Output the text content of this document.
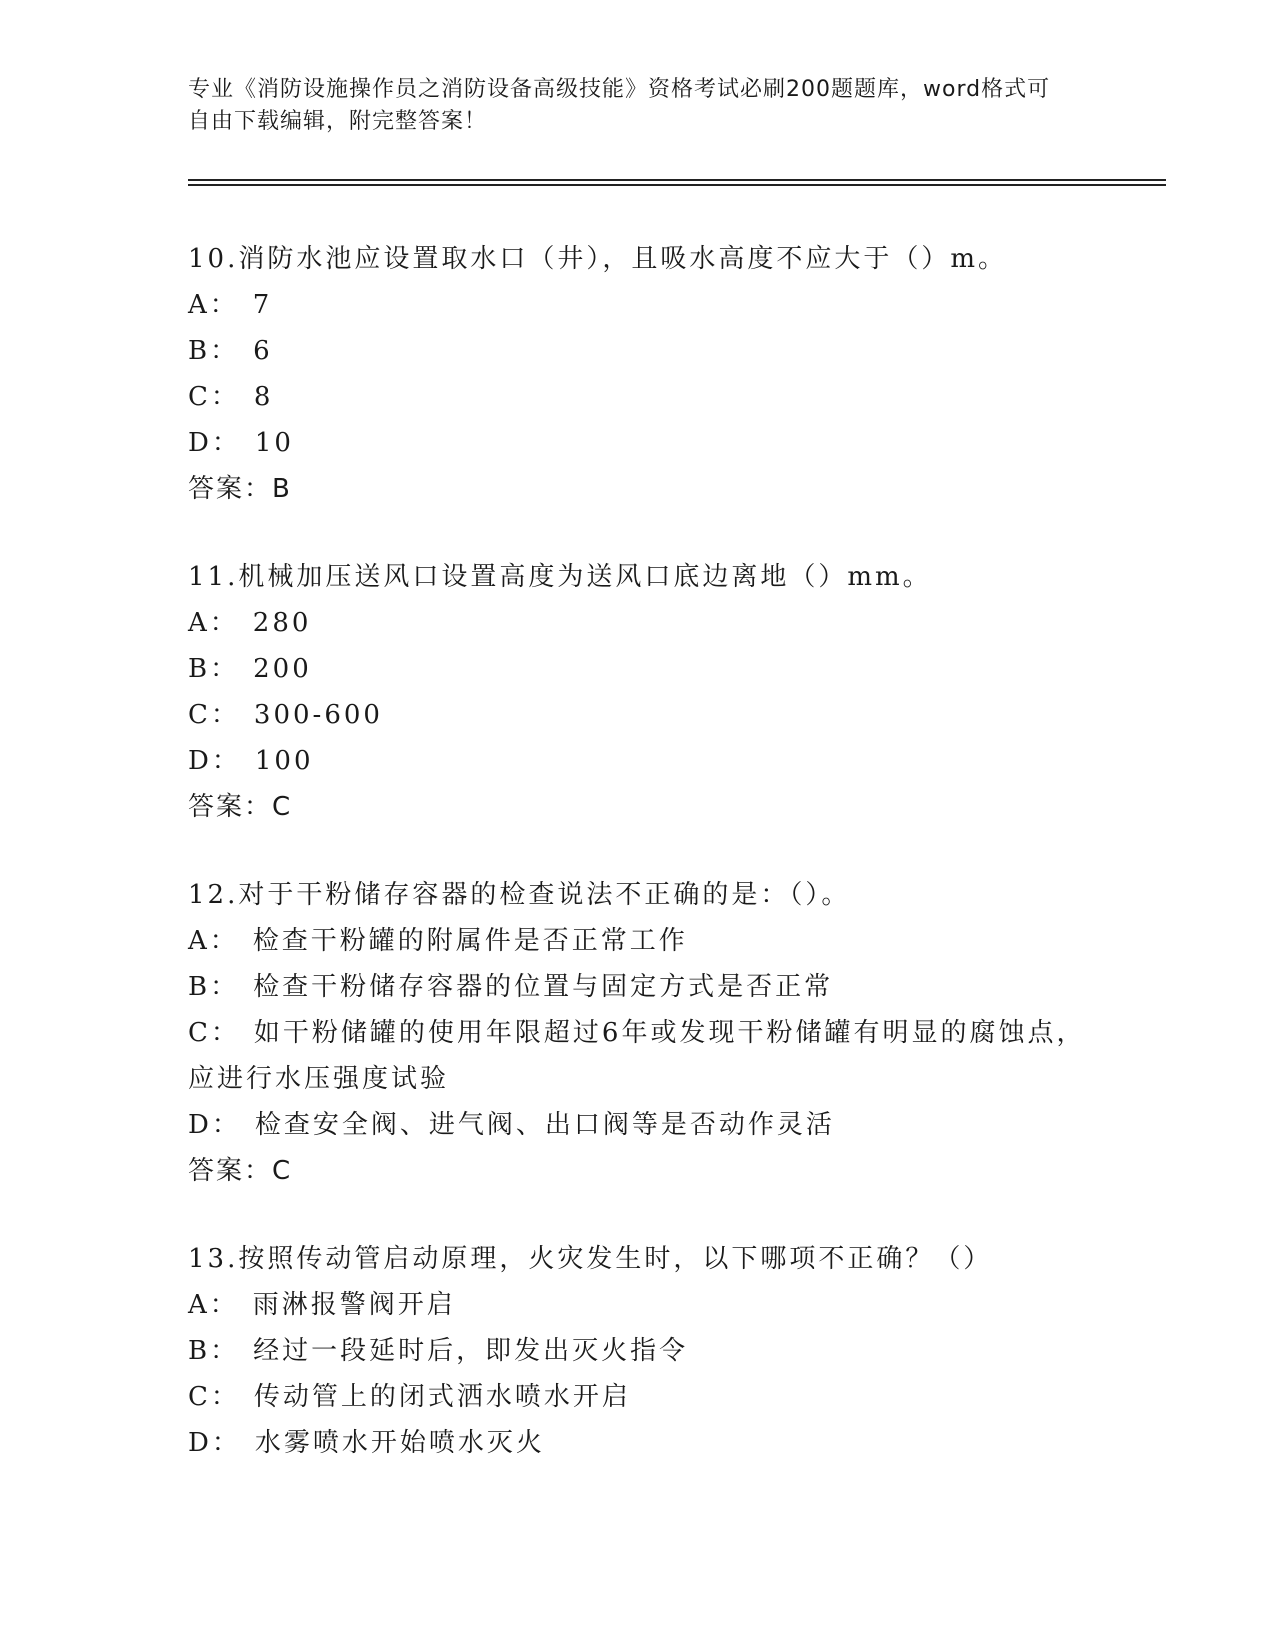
专业《消防设施操作员之消防设备高级技能》资格考试必刷200题题库，word格式可自由下载编辑，附完整答案！
10.消防水池应设置取水口（井），且吸水高度不应大于（）m。
A： 7
B： 6
C： 8
D： 10
答案：B
11.机械加压送风口设置高度为送风口底边离地（）mm。
A： 280
B： 200
C： 300-600
D： 100
答案：C
12.对于干粉储存容器的检查说法不正确的是：（）。
A： 检查干粉罐的附属件是否正常工作
B： 检查干粉储存容器的位置与固定方式是否正常
C： 如干粉储罐的使用年限超过6年或发现干粉储罐有明显的腐蚀点，应进行水压强度试验
D： 检查安全阀、进气阀、出口阀等是否动作灵活
答案：C
13.按照传动管启动原理，火灾发生时，以下哪项不正确？（）
A： 雨淋报警阀开启
B： 经过一段延时后，即发出灭火指令
C： 传动管上的闭式洒水喷水开启
D： 水雾喷水开始喷水灭火
